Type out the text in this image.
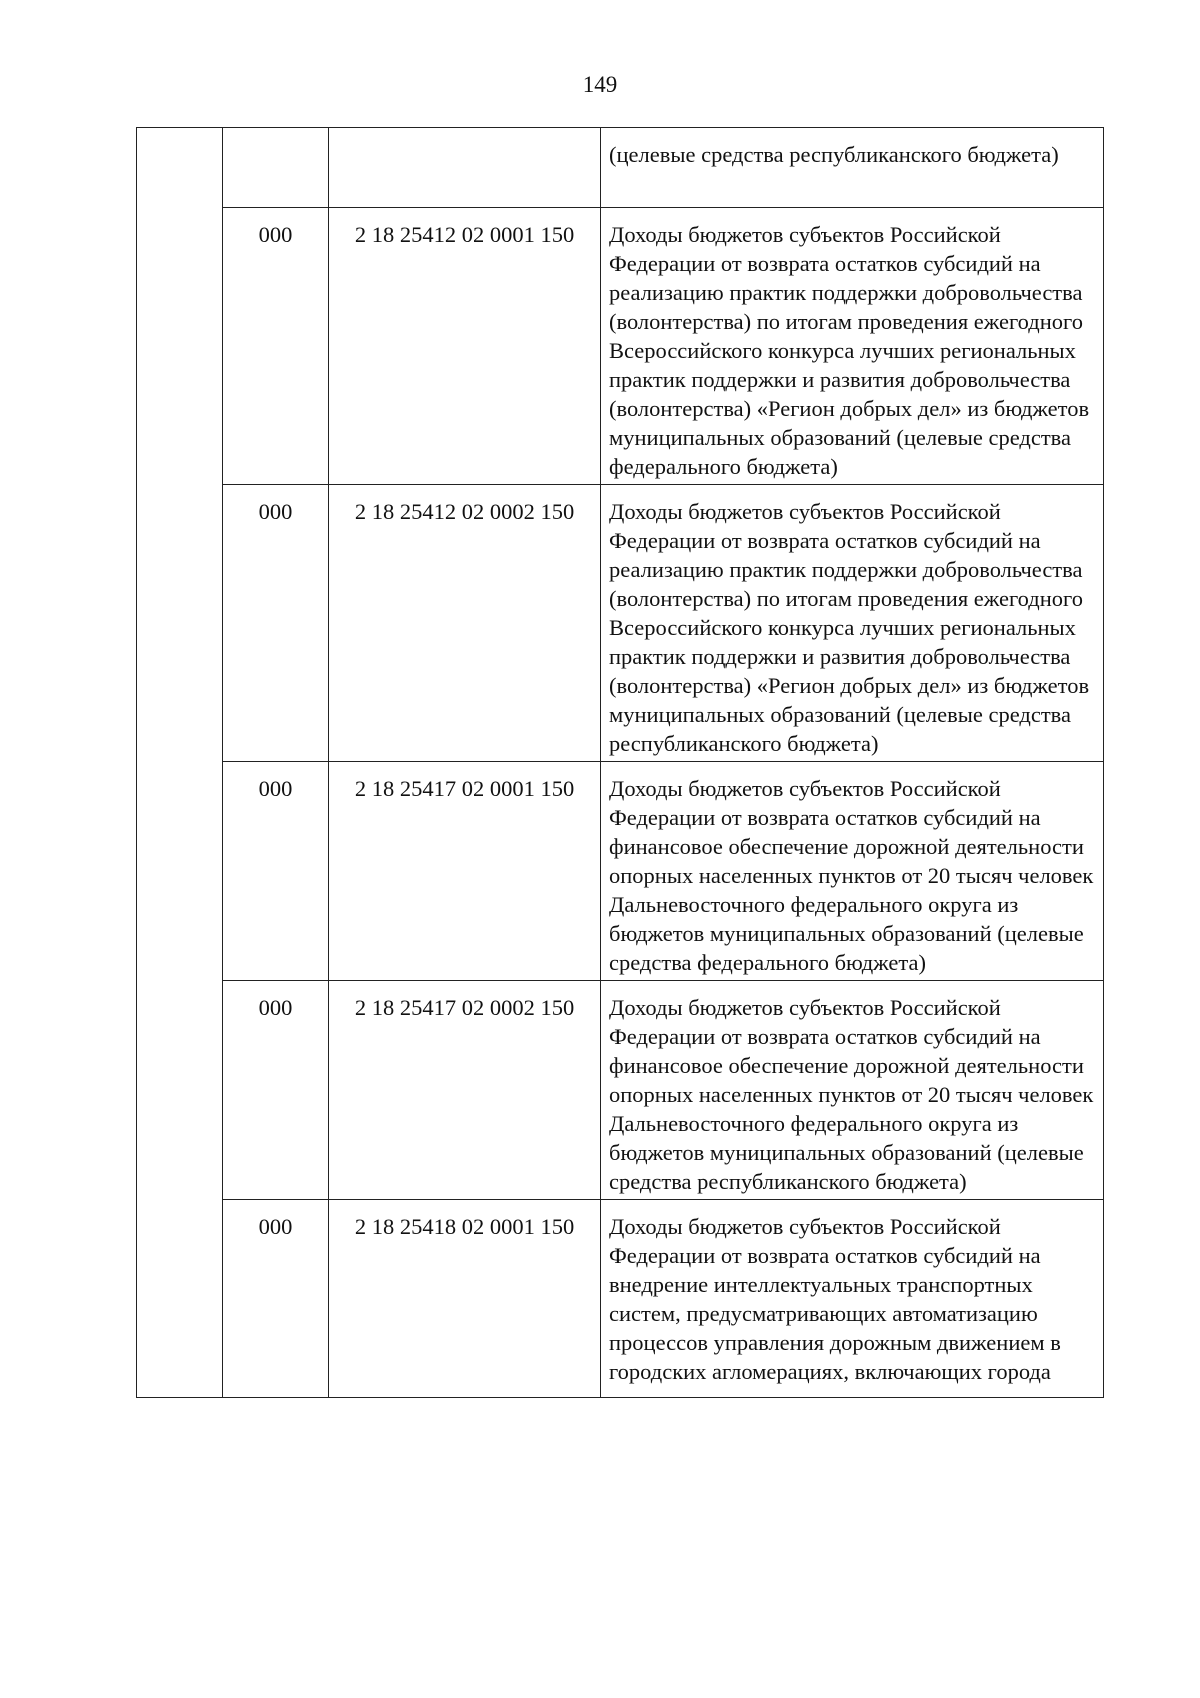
149
			(целевые средства республиканского бюджета)
	000	2 18 25412 02 0001 150	Доходы бюджетов субъектов Российской Федерации от возврата остатков субсидий на реализацию практик поддержки добровольчества (волонтерства) по итогам проведения ежегодного Всероссийского конкурса лучших региональных практик поддержки и развития добровольчества (волонтерства) «Регион добрых дел» из бюджетов муниципальных образований (целевые средства федерального бюджета)
	000	2 18 25412 02 0002 150	Доходы бюджетов субъектов Российской Федерации от возврата остатков субсидий на реализацию практик поддержки добровольчества (волонтерства) по итогам проведения ежегодного Всероссийского конкурса лучших региональных практик поддержки и развития добровольчества (волонтерства) «Регион добрых дел» из бюджетов муниципальных образований (целевые средства республиканского бюджета)
	000	2 18 25417 02 0001 150	Доходы бюджетов субъектов Российской Федерации от возврата остатков субсидий на финансовое обеспечение дорожной деятельности опорных населенных пунктов от 20 тысяч человек Дальневосточного федерального округа из бюджетов муниципальных образований (целевые средства федерального бюджета)
	000	2 18 25417 02 0002 150	Доходы бюджетов субъектов Российской Федерации от возврата остатков субсидий на финансовое обеспечение дорожной деятельности опорных населенных пунктов от 20 тысяч человек Дальневосточного федерального округа из бюджетов муниципальных образований (целевые средства республиканского бюджета)
	000	2 18 25418 02 0001 150	Доходы бюджетов субъектов Российской Федерации от возврата остатков субсидий на внедрение интеллектуальных транспортных систем, предусматривающих автоматизацию процессов управления дорожным движением в городских агломерациях, включающих города
